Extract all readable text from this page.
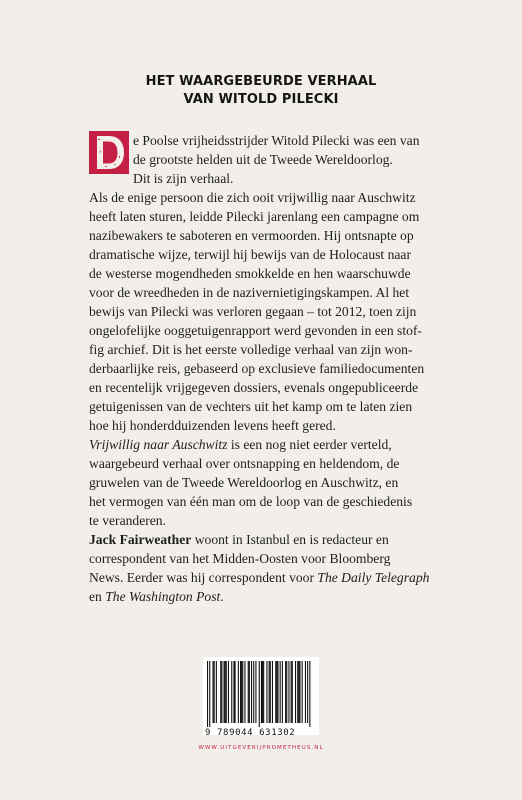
HET WAARGEBEURDE VERHAAL
VAN WITOLD PILECKI
e Poolse vrijheidsstrijder Witold Pilecki was een van
de grootste helden uit de Tweede Wereldoorlog.
Dit is zijn verhaal.
Als de enige persoon die zich ooit vrijwillig naar Auschwitz
heeft laten sturen, leidde Pilecki jarenlang een campagne om
nazibewakers te saboteren en vermoorden. Hij ontsnapte op
dramatische wijze, terwijl hij bewijs van de Holocaust naar
de westerse mogendheden smokkelde en hen waarschuwde
voor de wreedheden in de nazivernietigingskampen. Al het
bewijs van Pilecki was verloren gegaan – tot 2012, toen zijn
ongelofelijke ooggetuigenrapport werd gevonden in een stof-
fig archief. Dit is het eerste volledige verhaal van zijn won-
derbaarlijke reis, gebaseerd op exclusieve familiedocumenten
en recentelijk vrijgegeven dossiers, evenals ongepubliceerde
getuigenissen van de vechters uit het kamp om te laten zien
hoe hij honderdduizenden levens heeft gered.
Vrijwillig naar Auschwitz is een nog niet eerder verteld,
waargebeurd verhaal over ontsnapping en heldendom, de
gruwelen van de Tweede Wereldoorlog en Auschwitz, en
het vermogen van één man om de loop van de geschiedenis
te veranderen.
Jack Fairweather woont in Istanbul en is redacteur en
correspondent van het Midden-Oosten voor Bloomberg
News. Eerder was hij correspondent voor The Daily Telegraph
en The Washington Post.
9 789044 631302
WWW.UITGEVERIJPROMETHEUS.NL
